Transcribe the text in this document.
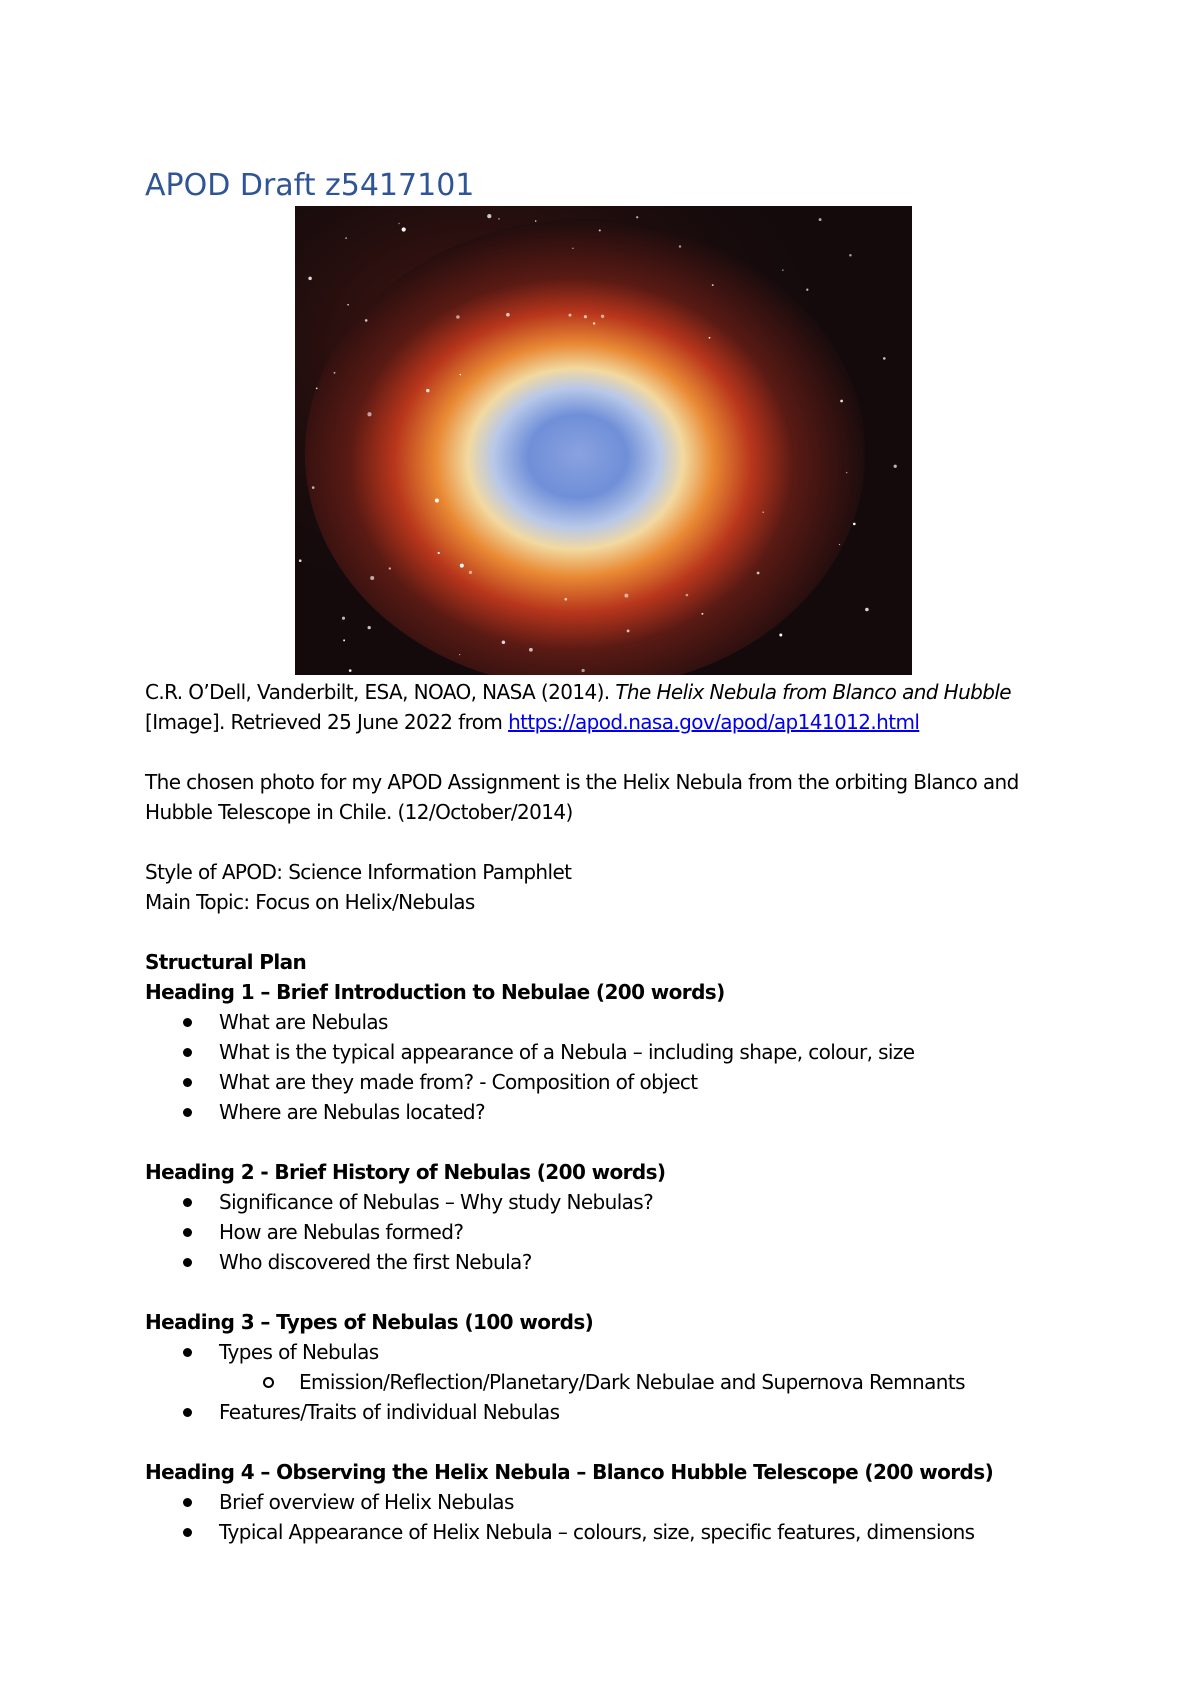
APOD Draft z5417101

C.R. O’Dell, Vanderbilt, ESA, NOAO, NASA (2014). The Helix Nebula from Blanco and Hubble

[Image]. Retrieved 25 June 2022 from https://apod.nasa.gov/apod/ap141012.html

The chosen photo for my APOD Assignment is the Helix Nebula from the orbiting Blanco and

Hubble Telescope in Chile. (12/October/2014)

Style of APOD: Science Information Pamphlet

Main Topic: Focus on Helix/Nebulas

Structural Plan

Heading 1 – Brief Introduction to Nebulae (200 words)

What are Nebulas
What is the typical appearance of a Nebula – including shape, colour, size
What are they made from? - Composition of object
Where are Nebulas located?

Heading 2 - Brief History of Nebulas (200 words)

Significance of Nebulas – Why study Nebulas?
How are Nebulas formed?
Who discovered the first Nebula?

Heading 3 – Types of Nebulas (100 words)

Types of Nebulas
Emission/Reflection/Planetary/Dark Nebulae and Supernova Remnants
Features/Traits of individual Nebulas

Heading 4 – Observing the Helix Nebula – Blanco Hubble Telescope (200 words)

Brief overview of Helix Nebulas
Typical Appearance of Helix Nebula – colours, size, specific features, dimensions
